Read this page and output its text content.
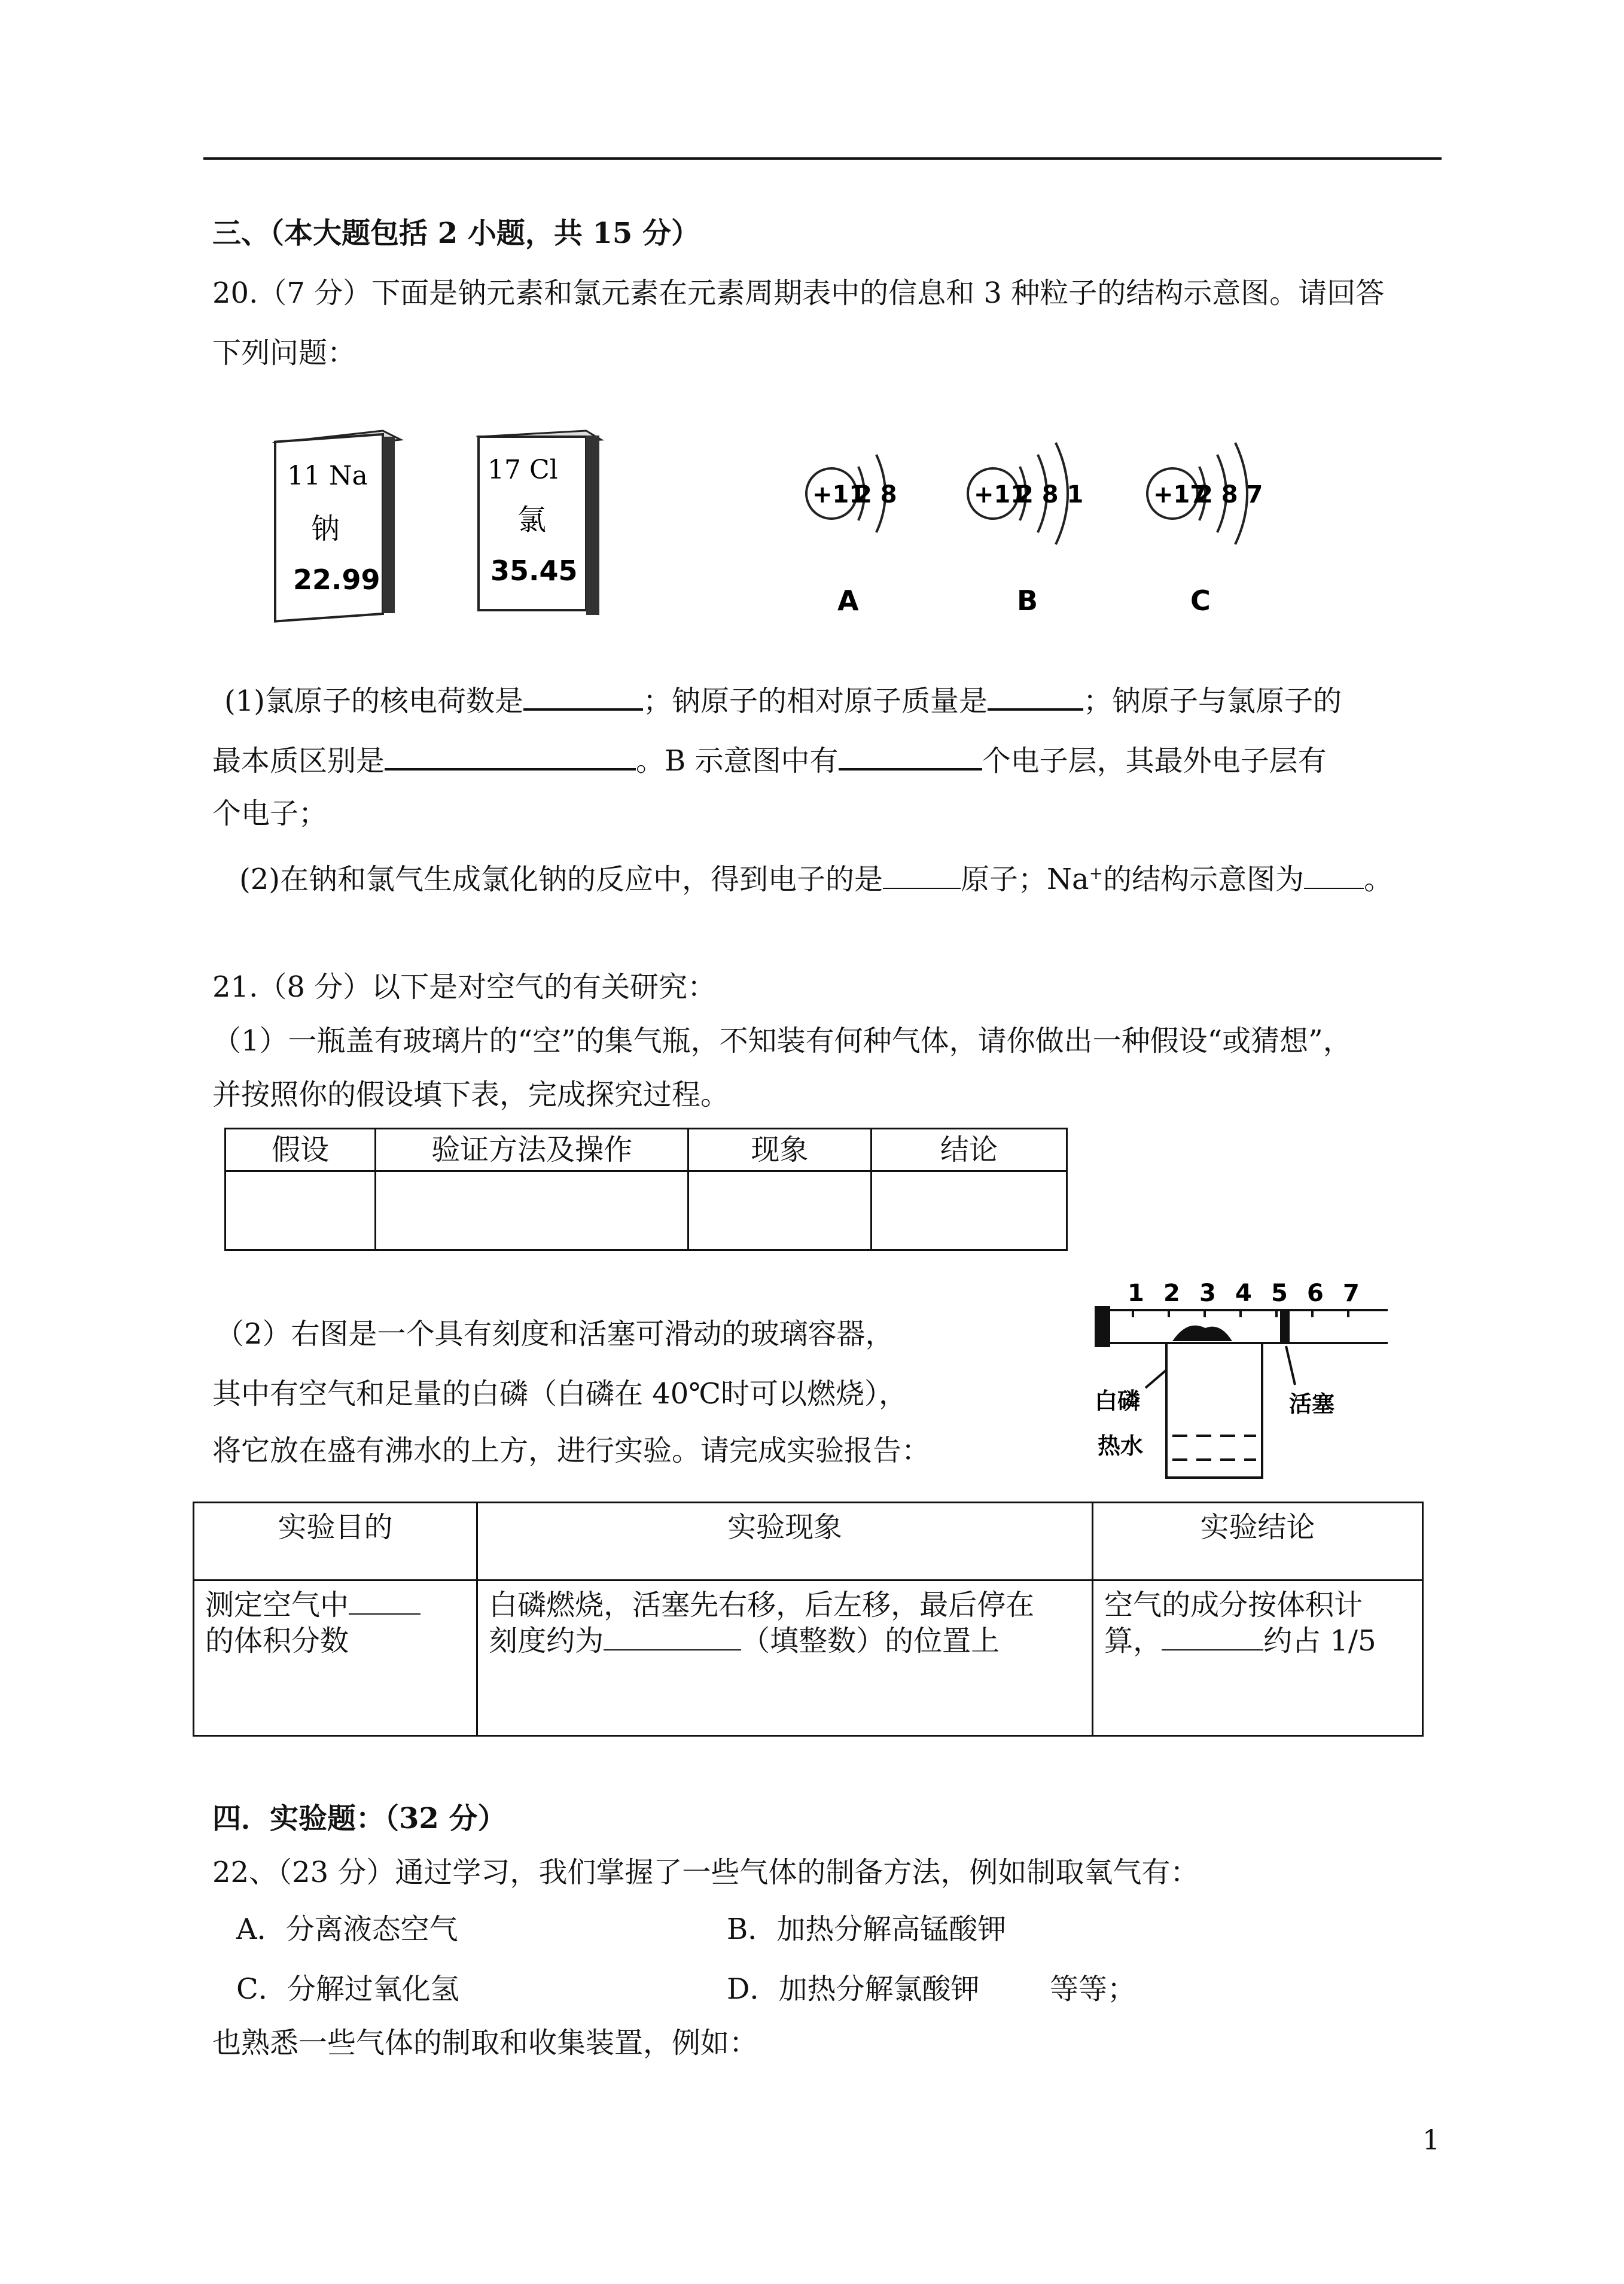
三、（本大题包括 2 小题，共 15 分）
20.（7 分）下面是钠元素和氯元素在元素周期表中的信息和 3 种粒子的结构示意图。请回答
下列问题：
11 Na
钠
22.99
17 Cl
氯
35.45
+11
2 8
A
+11
2 8 1
B
+17
2 8 7
C
(1)氯原子的核电荷数是	；钠原子的相对原子质量是	；钠原子与氯原子的
最本质区别是	。B 示意图中有	个电子层，其最外电子层有
个电子；
(2)在钠和氯气生成氯化钠的反应中，得到电子的是	原子；Na+的结构示意图为 。
21.（8 分）以下是对空气的有关研究：
（1）一瓶盖有玻璃片的“空”的集气瓶，不知装有何种气体，请你做出一种假设“或猜想”，
并按照你的假设填下表，完成探究过程。
假设	验证方法及操作	现象	结论

（2）右图是一个具有刻度和活塞可滑动的玻璃容器，
其中有空气和足量的白磷（白磷在 40℃时可以燃烧），
将它放在盛有沸水的上方，进行实验。请完成实验报告：
1 2 3 4 5 6 7
白磷	活塞
热水
实验目的	实验现象	实验结论
测定空气中
的体积分数	白磷燃烧，活塞先右移，后左移，最后停在
刻度约为 （填整数）的位置上	空气的成分按体积计
算， 约占 1/5
四．实验题：（32 分）
22、（23 分）通过学习，我们掌握了一些气体的制备方法，例如制取氧气有：
A．分离液态空气	B．加热分解高锰酸钾
C．分解过氧化氢	D．加热分解氯酸钾 等等；
也熟悉一些气体的制取和收集装置，例如：
1
